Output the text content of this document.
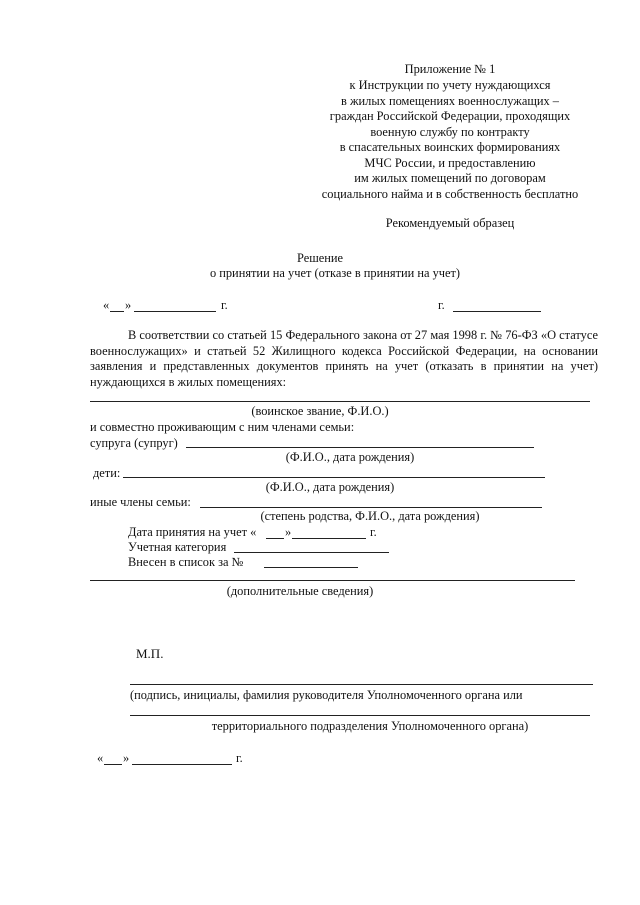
Приложение № 1
к Инструкции по учету нуждающихся
в жилых помещениях военнослужащих –
граждан Российской Федерации, проходящих
военную службу по контракту
в спасательных воинских формированиях
МЧС России, и предоставлению
им жилых помещений по договорам
социального найма и в собственность бесплатно
Рекомендуемый образец
Решение
о принятии на учет (отказе в принятии на учет)
« »	г.	г.
В соответствии со статьей 15 Федерального закона от 27 мая 1998 г. № 76-ФЗ «О статусе военнослужащих» и статьей 52 Жилищного кодекса Российской Федерации, на основании заявления и представленных документов принять на учет (отказать в принятии на учет) нуждающихся в жилых помещениях:
(воинское звание, Ф.И.О.)
и совместно проживающим с ним членами семьи:
супруга (супруг)
(Ф.И.О., дата рождения)
дети:
(Ф.И.О., дата рождения)
иные члены семьи:
(степень родства, Ф.И.О., дата рождения)
Дата принятия на учет « »	г.
Учетная категория
Внесен в список за №
(дополнительные сведения)
М.П.
(подпись, инициалы, фамилия руководителя Уполномоченного органа или
территориального подразделения Уполномоченного органа)
« »	г.
